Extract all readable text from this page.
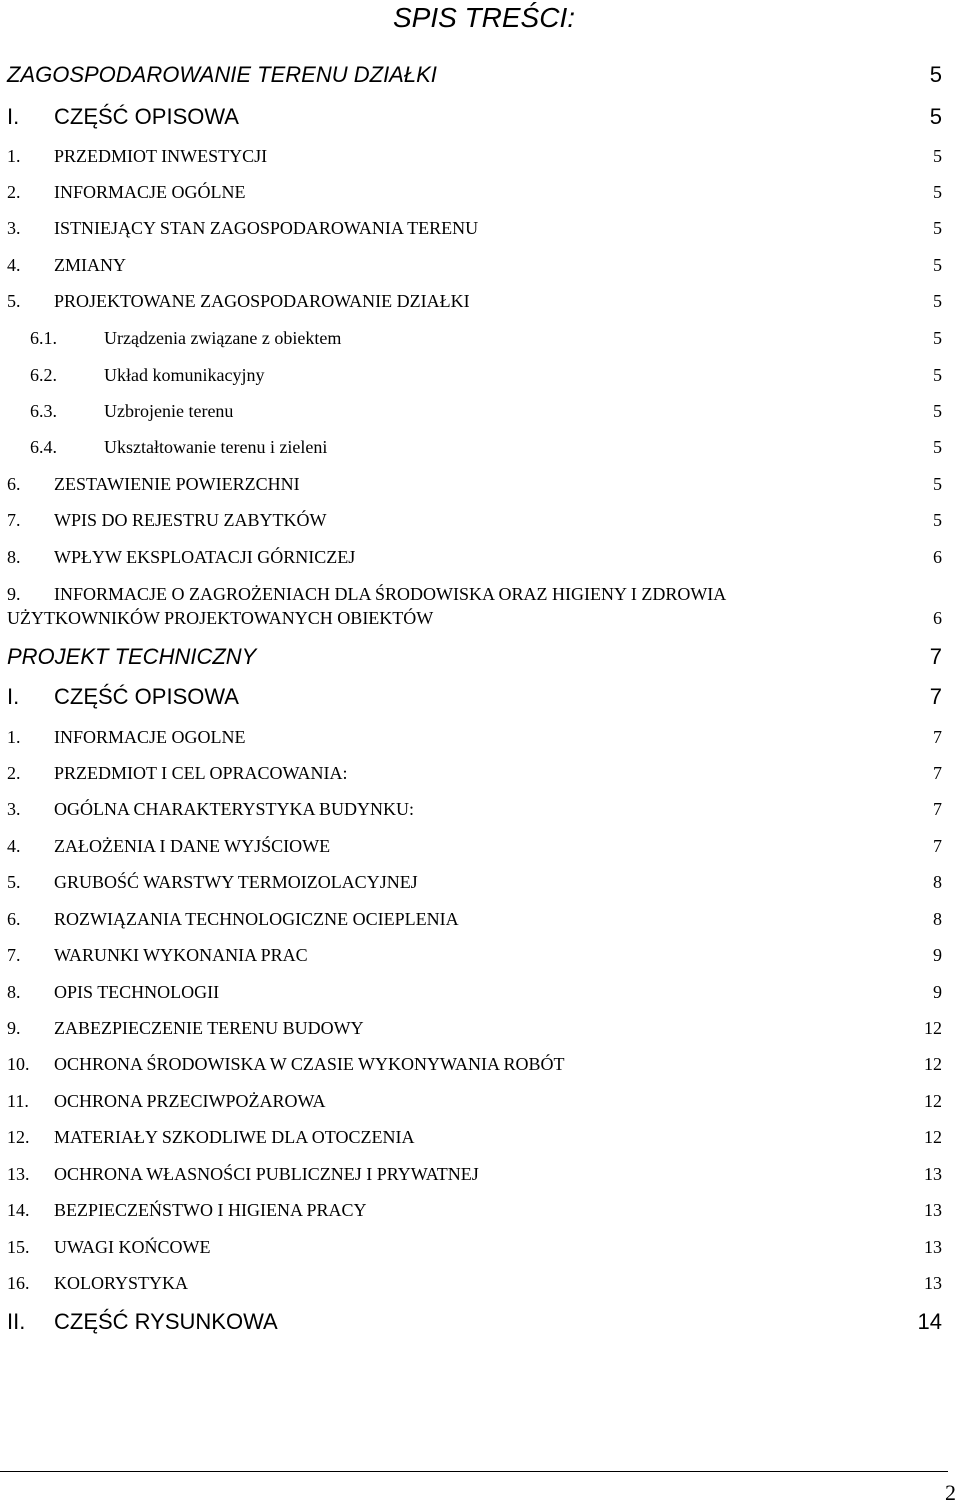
SPIS TREŚCI:
ZAGOSPODAROWANIE TERENU DZIAŁKI	5
I. CZĘŚĆ OPISOWA	5
1. PRZEDMIOT INWESTYCJI	5
2. INFORMACJE OGÓLNE	5
3. ISTNIEJĄCY STAN ZAGOSPODAROWANIA TERENU	5
4. ZMIANY	5
5. PROJEKTOWANE ZAGOSPODAROWANIE DZIAŁKI	5
6.1.	Urządzenia związane z obiektem	5
6.2.	Układ komunikacyjny	5
6.3.	Uzbrojenie terenu	5
6.4.	Ukształtowanie terenu i zieleni	5
6. ZESTAWIENIE POWIERZCHNI	5
7. WPIS DO REJESTRU ZABYTKÓW	5
8. WPŁYW EKSPLOATACJI GÓRNICZEJ	6
9. INFORMACJE O ZAGROŻENIACH DLA ŚRODOWISKA ORAZ HIGIENY I ZDROWIA
UŻYTKOWNIKÓW PROJEKTOWANYCH OBIEKTÓW	6
PROJEKT TECHNICZNY	7
I. CZĘŚĆ OPISOWA	7
1. INFORMACJE OGOLNE	7
2. PRZEDMIOT I CEL OPRACOWANIA:	7
3. OGÓLNA CHARAKTERYSTYKA BUDYNKU:	7
4. ZAŁOŻENIA I DANE WYJŚCIOWE	7
5. GRUBOŚĆ WARSTWY TERMOIZOLACYJNEJ	8
6. ROZWIĄZANIA TECHNOLOGICZNE OCIEPLENIA	8
7. WARUNKI WYKONANIA PRAC	9
8. OPIS TECHNOLOGII	9
9. ZABEZPIECZENIE TERENU BUDOWY	12
10. OCHRONA ŚRODOWISKA W CZASIE WYKONYWANIA ROBÓT	12
11. OCHRONA PRZECIWPOŻAROWA	12
12. MATERIAŁY SZKODLIWE DLA OTOCZENIA	12
13. OCHRONA WŁASNOŚCI PUBLICZNEJ I PRYWATNEJ	13
14. BEZPIECZEŃSTWO I HIGIENA PRACY	13
15. UWAGI KOŃCOWE	13
16. KOLORYSTYKA	13
II. CZĘŚĆ RYSUNKOWA	14
2
